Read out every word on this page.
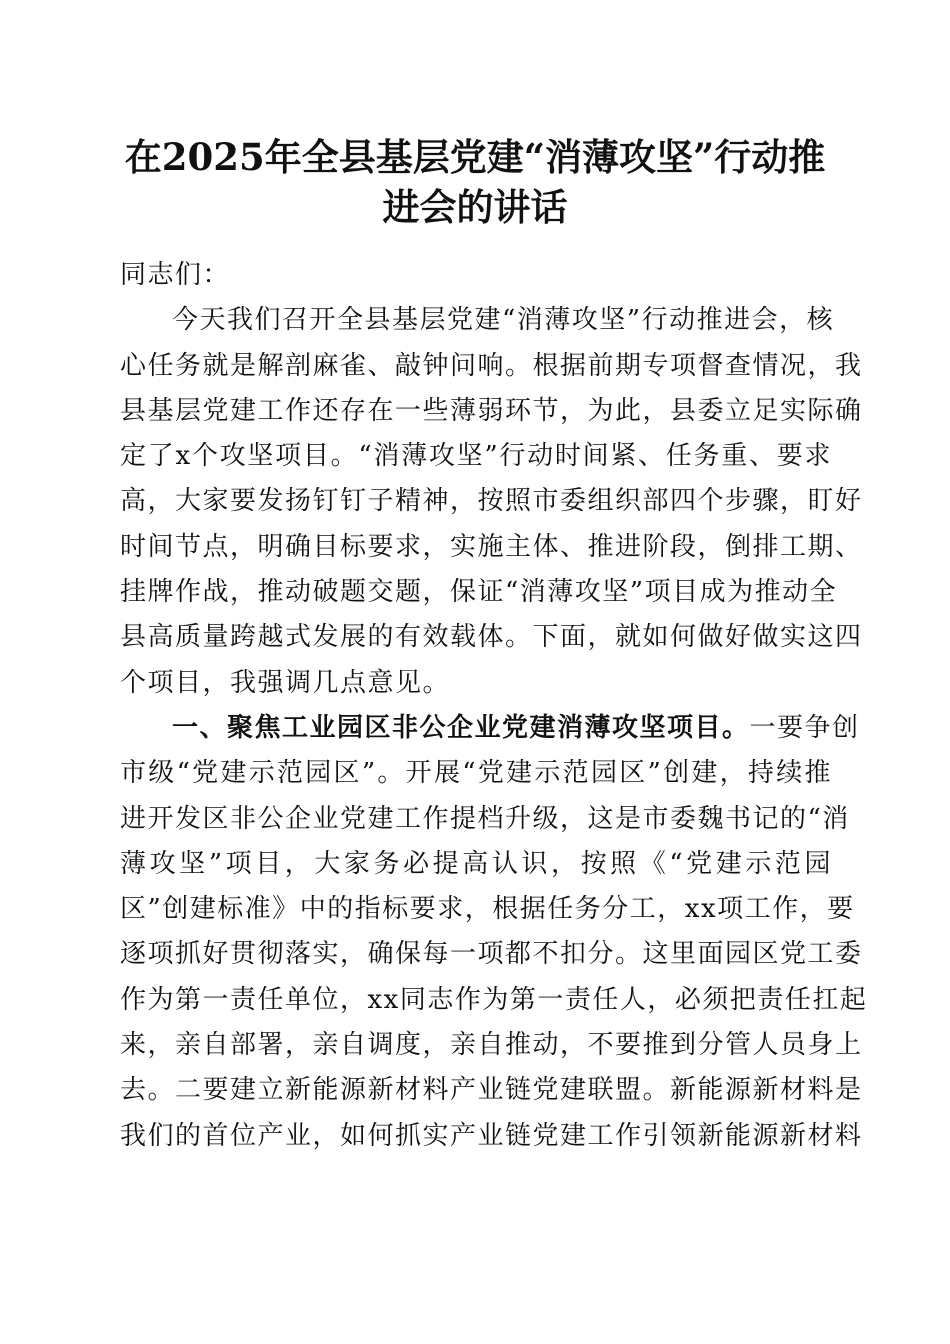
在2025年全县基层党建“消薄攻坚”行动推
进会的讲话
同志们：
今天我们召开全县基层党建“消薄攻坚”行动推进会，核
心任务就是解剖麻雀、敲钟问响。根据前期专项督查情况，我
县基层党建工作还存在一些薄弱环节，为此，县委立足实际确
定了x个攻坚项目。“消薄攻坚”行动时间紧、任务重、要求
高，大家要发扬钉钉子精神，按照市委组织部四个步骤，盯好
时间节点，明确目标要求，实施主体、推进阶段，倒排工期、
挂牌作战，推动破题交题，保证“消薄攻坚”项目成为推动全
县高质量跨越式发展的有效载体。下面，就如何做好做实这四
个项目，我强调几点意见。
一、聚焦工业园区非公企业党建消薄攻坚项目。一要争创
市级“党建示范园区”。开展“党建示范园区”创建，持续推
进开发区非公企业党建工作提档升级，这是市委魏书记的“消
薄攻坚”项目，大家务必提高认识，按照《“党建示范园
区”创建标准》中的指标要求，根据任务分工，xx项工作，要
逐项抓好贯彻落实，确保每一项都不扣分。这里面园区党工委
作为第一责任单位，xx同志作为第一责任人，必须把责任扛起
来，亲自部署，亲自调度，亲自推动，不要推到分管人员身上
去。二要建立新能源新材料产业链党建联盟。新能源新材料是
我们的首位产业，如何抓实产业链党建工作引领新能源新材料
